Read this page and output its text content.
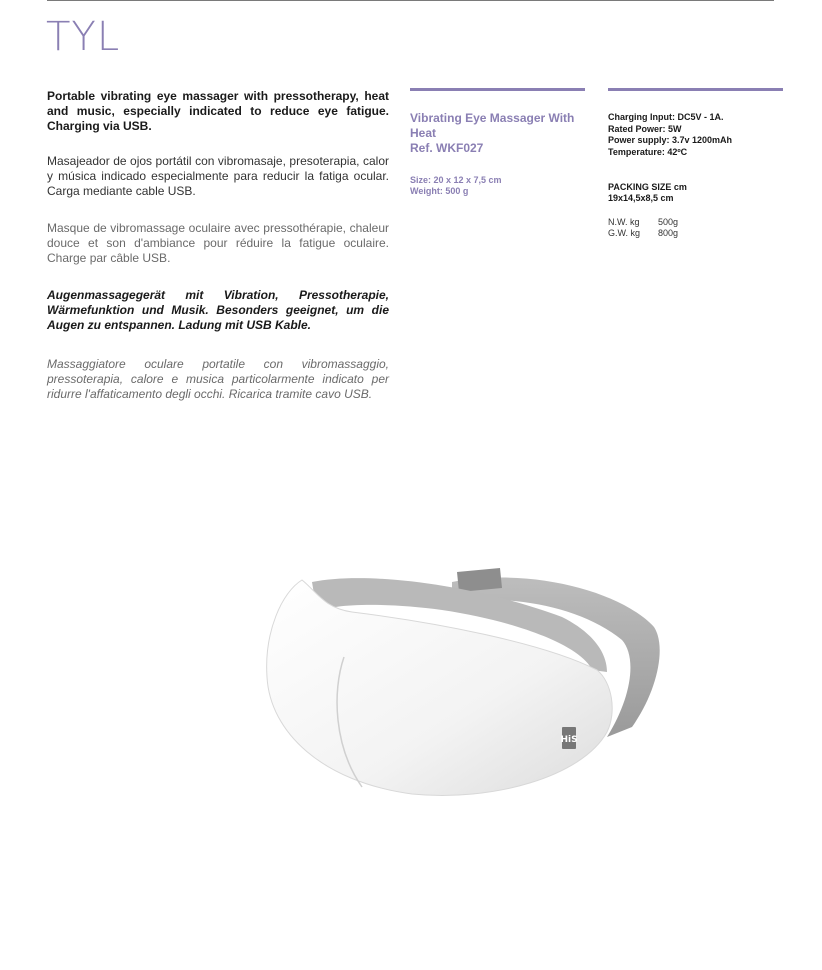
TYL
Portable vibrating eye massager with pressotherapy, heat and music, especially indicated to reduce eye fatigue. Charging via USB.
Masajeador de ojos portátil con vibromasaje, presoterapia, calor y música indicado especialmente para reducir la fatiga ocular. Carga mediante cable USB.
Masque de vibromassage oculaire avec pressothérapie, chaleur douce et son d'ambiance pour réduire la fatigue oculaire. Charge par câble USB.
Augenmassagegerät mit Vibration, Pressotherapie, Wärmefunktion und Musik. Besonders geeignet, um die Augen zu entspannen. Ladung mit USB Kable.
Massaggiatore oculare portatile con vibromassaggio, pressoterapia, calore e musica particolarmente indicato per ridurre l'affaticamento degli occhi. Ricarica tramite cavo USB.
Vibrating Eye Massager With Heat
Ref. WKF027
Size: 20 x 12 x 7,5 cm
Weight: 500 g
Charging Input: DC5V - 1A.
Rated Power: 5W
Power supply: 3.7v 1200mAh
Temperature: 42ºC
PACKING SIZE cm
19x14,5x8,5 cm
N.W. kg 500g
G.W. kg 800g
HiS
